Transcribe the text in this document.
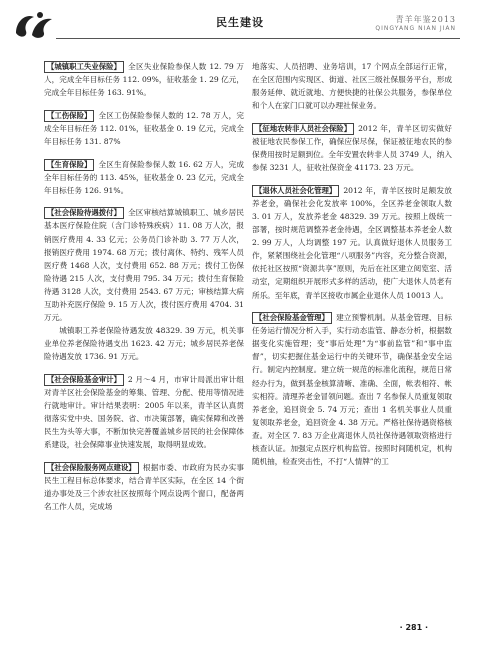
民生建设	青羊年鉴2013
QINGYANG NIAN JIAN
【城镇职工失业保险】 全区失业保险参保人数 12. 79 万人，完成全年目标任务 112. 09%，征收基金 1. 29 亿元，完成全年目标任务 163. 91%。
【工伤保险】 全区工伤保险参保人数的 12. 78 万人，完成全年目标任务 112. 01%，征收基金 0. 19 亿元，完成全年目标任务 131. 87%
【生育保险】 全区生育保险参保人数 16. 62 万人，完成全年目标任务的 113. 45%，征收基金 0. 23 亿元，完成全年目标任务 126. 91%。
【社会保险待遇拨付】 全区审核结算城镇职工、城乡居民基本医疗保险住院（含门诊特殊疾病）11. 08 万人次，报销医疗费用 4. 33 亿元；公务员门诊补助 3. 77 万人次，报销医疗费用 1974. 68 万元；拨付离休、特约、残军人员医疗费 1468 人次，支付费用 652. 88 万元；拨付工伤保险待遇 215 人次，支付费用 795. 34 万元；拨付生育保险待遇 3128 人次，支付费用 2543. 67 万元；审核结算大病互助补充医疗保险 9. 15 万人次，拨付医疗费用 4704. 31 万元。
城镇职工养老保险待遇发放 48329. 39 万元，机关事业单位养老保险待遇支出 1623. 42 万元；城乡居民养老保险待遇发放 1736. 91 万元。
【社会保险基金审计】 2 月～4 月，市审计局派出审计组对青羊区社会保险基金的筹集、管理、分配、使用等情况进行就地审计。审计结果表明：2005 年以来，青羊区认真贯彻落实党中央、国务院、省、市决策部署，确实保障和改善民生为头等大事，不断加快完善覆盖城乡居民的社会保障体系建设，社会保障事业快速发展，取得明显成效。
【社会保险服务网点建设】 根据市委、市政府为民办实事民生工程目标总体要求，结合青羊区实际，在全区 14 个街道办事处及三个涉农社区按照每个网点设两个窗口，配备两名工作人员，完成场
地落实、人员招聘、业务培训，17 个网点全部运行正常，在全区范围内实现区、街道、社区三级社保服务平台，形成服务延伸、就近就地、方便快捷的社保公共服务，参保单位和个人在家门口就可以办理社保业务。
【征地农转非人员社会保险】 2012 年，青羊区切实做好被征地农民参保工作，确保应保尽保，保证被征地农民的参保费用按时足额到位。全年安置农转非人员 3749 人，纳入参保 3231 人，征收社保资金 41173. 23 万元。
【退休人员社会化管理】 2012 年，青羊区按时足额发放养老金，确保社会化发放率 100%，全区养老金领取人数 3. 01 万人，发放养老金 48329. 39 万元。按照上级统一部署，按时规范调整养老金待遇，全区调整基本养老金人数 2. 99 万人，人均调整 197 元。认真做好退休人员服务工作，紧紧围绕社会化管理“八项服务”内容，充分整合资源，依托社区按照“资源共享”原则，先后在社区建立阅览室、活动室，定期组织开展形式多样的活动，使广大退休人员老有所乐。至年底，青羊区接收市属企业退休人员 10013 人。
【社会保险基金管理】 建立预警机制。从基金管理、目标任务运行情况分析入手，实行动态监管、静态分析，根据数据变化实施管理；变“事后处理”为“事前监管”和“事中监督”，切实把握住基金运行中的关键环节，确保基金安全运行。制定内控制度。建立统一规范的标准化流程，规范日常经办行为，做到基金核算清晰、准确、全面，帐表相符、帐实相符。清理养老金冒领问题。查出 7 名参保人员重复领取养老金，追回资金 5. 74 万元；查出 1 名机关事业人员重复领取养老金，追回资金 4. 38 万元。严格社保待遇资格核查。对全区 7. 83 万企业离退休人员社保待遇领取资格进行核查认证。加强定点医疗机构监管。按照时间随机定，机构随机抽，检查突击性，不打“人情牌”的工
· 281 ·
